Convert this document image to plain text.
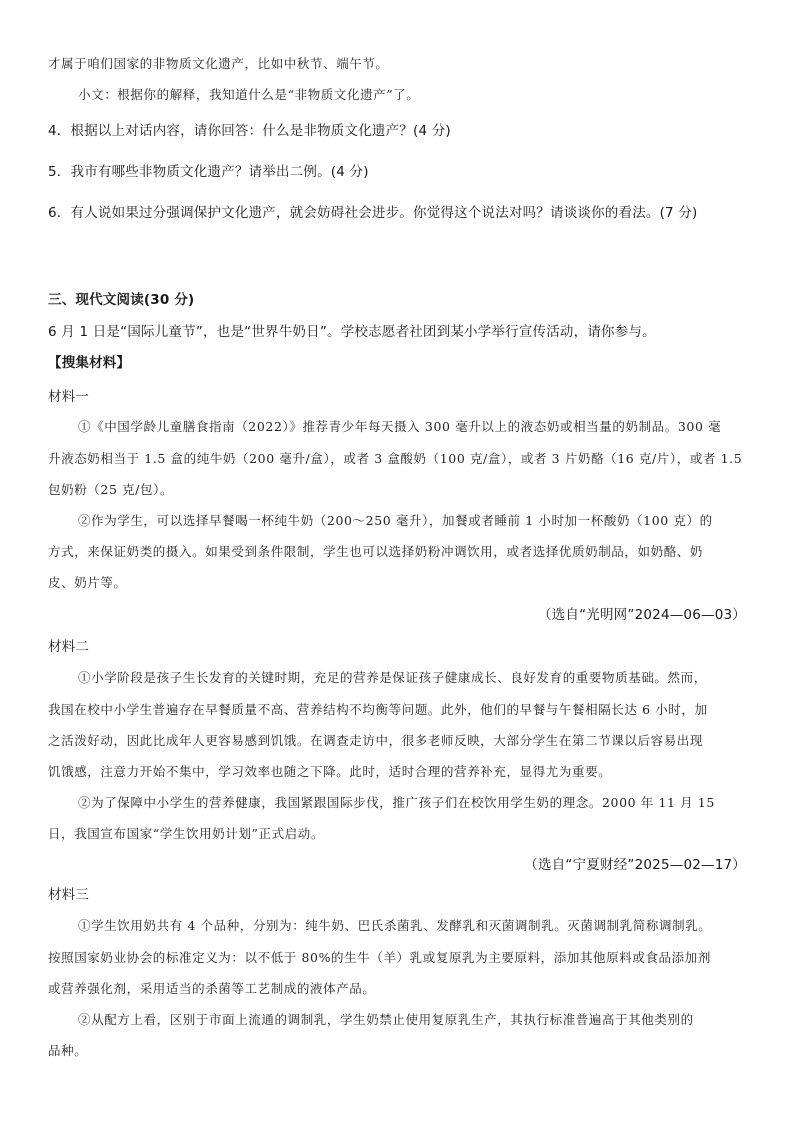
才属于咱们国家的非物质文化遗产，比如中秋节、端午节。
小文：根据你的解释，我知道什么是“非物质文化遗产”了。
4．根据以上对话内容，请你回答：什么是非物质文化遗产？(4 分)
5．我市有哪些非物质文化遗产？请举出二例。(4 分)
6．有人说如果过分强调保护文化遗产，就会妨碍社会进步。你觉得这个说法对吗？请谈谈你的看法。(7 分)
三、现代文阅读(30 分)
6 月 1 日是“国际儿童节”，也是“世界牛奶日”。学校志愿者社团到某小学举行宣传活动，请你参与。
【搜集材料】
材料一
①《中国学龄儿童膳食指南（2022）》推荐青少年每天摄入 300 毫升以上的液态奶或相当量的奶制品。300 毫
升液态奶相当于 1.5 盒的纯牛奶（200 毫升/盒），或者 3 盒酸奶（100 克/盒），或者 3 片奶酪（16 克/片），或者 1.5
包奶粉（25 克/包）。
②作为学生，可以选择早餐喝一杯纯牛奶（200～250 毫升），加餐或者睡前 1 小时加一杯酸奶（100 克）的
方式，来保证奶类的摄入。如果受到条件限制，学生也可以选择奶粉冲调饮用，或者选择优质奶制品，如奶酪、奶
皮、奶片等。
（选自“光明网”2024—06—03）
材料二
①小学阶段是孩子生长发育的关键时期，充足的营养是保证孩子健康成长、良好发育的重要物质基础。然而，
我国在校中小学生普遍存在早餐质量不高、营养结构不均衡等问题。此外，他们的早餐与午餐相隔长达 6 小时，加
之活泼好动，因此比成年人更容易感到饥饿。在调查走访中，很多老师反映，大部分学生在第二节课以后容易出现
饥饿感，注意力开始不集中，学习效率也随之下降。此时，适时合理的营养补充，显得尤为重要。
②为了保障中小学生的营养健康，我国紧跟国际步伐，推广孩子们在校饮用学生奶的理念。2000 年 11 月 15
日，我国宣布国家“学生饮用奶计划”正式启动。
（选自“宁夏财经”2025—02—17）
材料三
①学生饮用奶共有 4 个品种，分别为：纯牛奶、巴氏杀菌乳、发酵乳和灭菌调制乳。灭菌调制乳简称调制乳。
按照国家奶业协会的标准定义为：以不低于 80%的生牛（羊）乳或复原乳为主要原料，添加其他原料或食品添加剂
或营养强化剂，采用适当的杀菌等工艺制成的液体产品。
②从配方上看，区别于市面上流通的调制乳，学生奶禁止使用复原乳生产，其执行标准普遍高于其他类别的
品种。
